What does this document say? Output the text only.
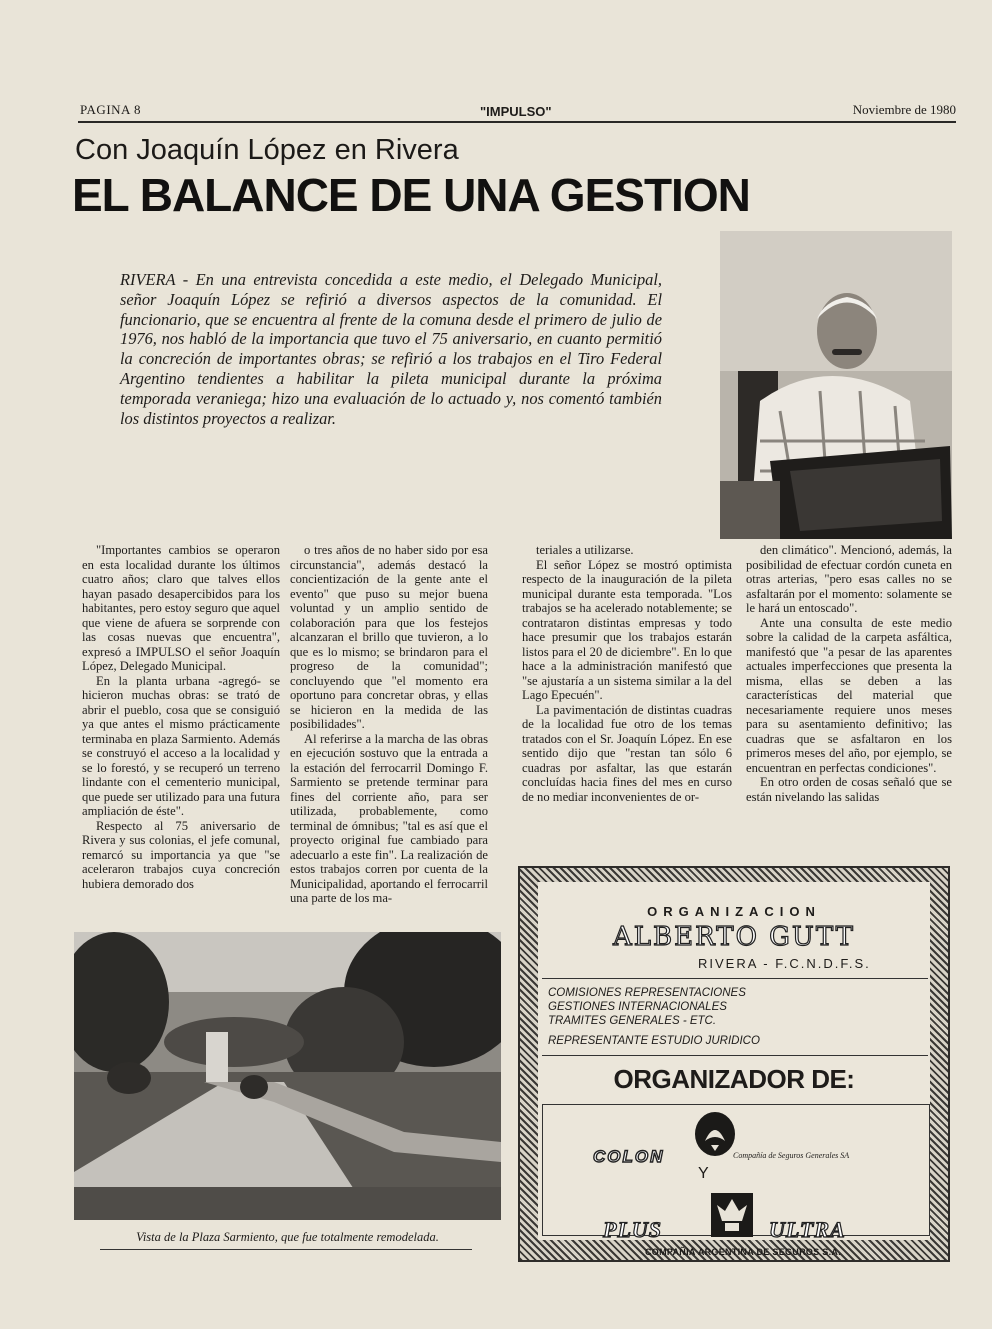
PAGINA 8	"IMPULSO"	Noviembre de 1980
Con Joaquín López en Rivera
EL BALANCE DE UNA GESTION
RIVERA - En una entrevista concedida a este medio, el Delegado Municipal, señor Joaquín López se refirió a diversos aspectos de la comunidad. El funcionario, que se encuentra al frente de la comuna desde el primero de julio de 1976, nos habló de la importancia que tuvo el 75 aniversario, en cuanto permitió la concreción de importantes obras; se refirió a los trabajos en el Tiro Federal Argentino tendientes a habilitar la pileta municipal durante la próxima temporada veraniega; hizo una evaluación de lo actuado y, nos comentó también los distintos proyectos a realizar.

"Importantes cambios se operaron en esta localidad durante los últimos cuatro años; claro que talves ellos hayan pasado desapercibidos para los habitantes, pero estoy seguro que aquel que viene de afuera se sorprende con las cosas nuevas que encuentra", expresó a IMPULSO el señor Joaquín López, Delegado Municipal.

En la planta urbana -agregó- se hicieron muchas obras: se trató de abrir el pueblo, cosa que se consiguió ya que antes el mismo prácticamente terminaba en plaza Sarmiento. Además se construyó el acceso a la localidad y se lo forestó, y se recuperó un terreno lindante con el cementerio municipal, que puede ser utilizado para una futura ampliación de éste".

Respecto al 75 aniversario de Rivera y sus colonias, el jefe comunal, remarcó su importancia ya que "se aceleraron trabajos cuya concreción hubiera demorado dos

o tres años de no haber sido por esa circunstancia", además destacó la concientización de la gente ante el evento" que puso su mejor buena voluntad y un amplio sentido de colaboración para que los festejos alcanzaran el brillo que tuvieron, a lo que es lo mismo; se brindaron para el progreso de la comunidad"; concluyendo que "el momento era oportuno para concretar obras, y ellas se hicieron en la medida de las posibilidades".

Al referirse a la marcha de las obras en ejecución sostuvo que la entrada a la estación del ferrocarril Domingo F. Sarmiento se pretende terminar para fines del corriente año, para ser utilizada, probablemente, como terminal de ómnibus; "tal es así que el proyecto original fue cambiado para adecuarlo a este fin". La realización de estos trabajos corren por cuenta de la Municipalidad, aportando el ferrocarril una parte de los ma-

teriales a utilizarse.

El señor López se mostró optimista respecto de la inauguración de la pileta municipal durante esta temporada. "Los trabajos se ha acelerado notablemente; se contrataron distintas empresas y todo hace presumir que los trabajos estarán listos para el 20 de diciembre". En lo que hace a la administración manifestó que "se ajustaría a un sistema similar a la del Lago Epecuén".

La pavimentación de distintas cuadras de la localidad fue otro de los temas tratados con el Sr. Joaquín López. En ese sentido dijo que "restan tan sólo 6 cuadras por asfaltar, las que estarán concluídas hacia fines del mes en curso de no mediar inconvenientes de or-

den climático". Mencionó, además, la posibilidad de efectuar cordón cuneta en otras arterias, "pero esas calles no se asfaltarán por el momento: solamente se le hará un entoscado".

Ante una consulta de este medio sobre la calidad de la carpeta asfáltica, manifestó que "a pesar de las aparentes actuales imperfecciones que presenta la misma, ellas se deben a las características del material que necesariamente requiere unos meses para su asentamiento definitivo; las cuadras que se asfaltaron en los primeros meses del año, por ejemplo, se encuentran en perfectas condiciones".

En otro orden de cosas señaló que se están nivelando las salidas

Vista de la Plaza Sarmiento, que fue totalmente remodelada.
ORGANIZACION
ALBERTO GUTT
RIVERA - F.C.N.D.F.S.
COMISIONES REPRESENTACIONES
GESTIONES INTERNACIONALES
TRAMITES GENERALES - ETC.
REPRESENTANTE ESTUDIO JURIDICO
ORGANIZADOR DE:
COLON	Compañía de Seguros Generales SA
Y
PLUS	ULTRA
COMPAÑIA ARGENTINA DE SEGUROS S.A.
